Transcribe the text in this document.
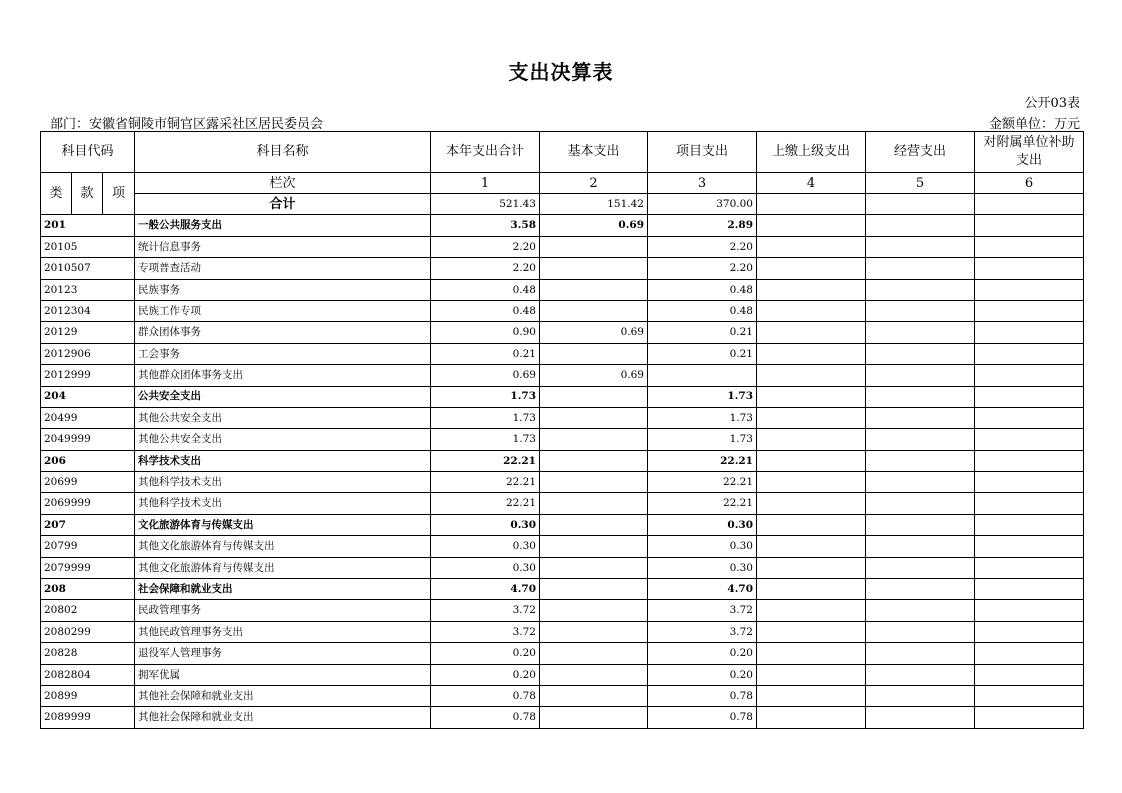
支出决算表
公开03表
部门：安徽省铜陵市铜官区露采社区居民委员会	金额单位：万元
科目代码			科目名称	本年支出合计	基本支出	项目支出	上缴上级支出	经营支出	对附属单位补助支出
类	款	项	栏次	1	2	3	4	5	6
			合计	521.43	151.42	370.00			
201			一般公共服务支出	3.58	0.69	2.89			
20105			统计信息事务	2.20		2.20			
2010507			专项普查活动	2.20		2.20			
20123			民族事务	0.48		0.48			
2012304			民族工作专项	0.48		0.48			
20129			群众团体事务	0.90	0.69	0.21			
2012906			工会事务	0.21		0.21			
2012999			其他群众团体事务支出	0.69	0.69				
204			公共安全支出	1.73		1.73			
20499			其他公共安全支出	1.73		1.73			
2049999			其他公共安全支出	1.73		1.73			
206			科学技术支出	22.21		22.21			
20699			其他科学技术支出	22.21		22.21			
2069999			其他科学技术支出	22.21		22.21			
207			文化旅游体育与传媒支出	0.30		0.30			
20799			其他文化旅游体育与传媒支出	0.30		0.30			
2079999			其他文化旅游体育与传媒支出	0.30		0.30			
208			社会保障和就业支出	4.70		4.70			
20802			民政管理事务	3.72		3.72			
2080299			其他民政管理事务支出	3.72		3.72			
20828			退役军人管理事务	0.20		0.20			
2082804			拥军优属	0.20		0.20			
20899			其他社会保障和就业支出	0.78		0.78			
2089999			其他社会保障和就业支出	0.78		0.78			
